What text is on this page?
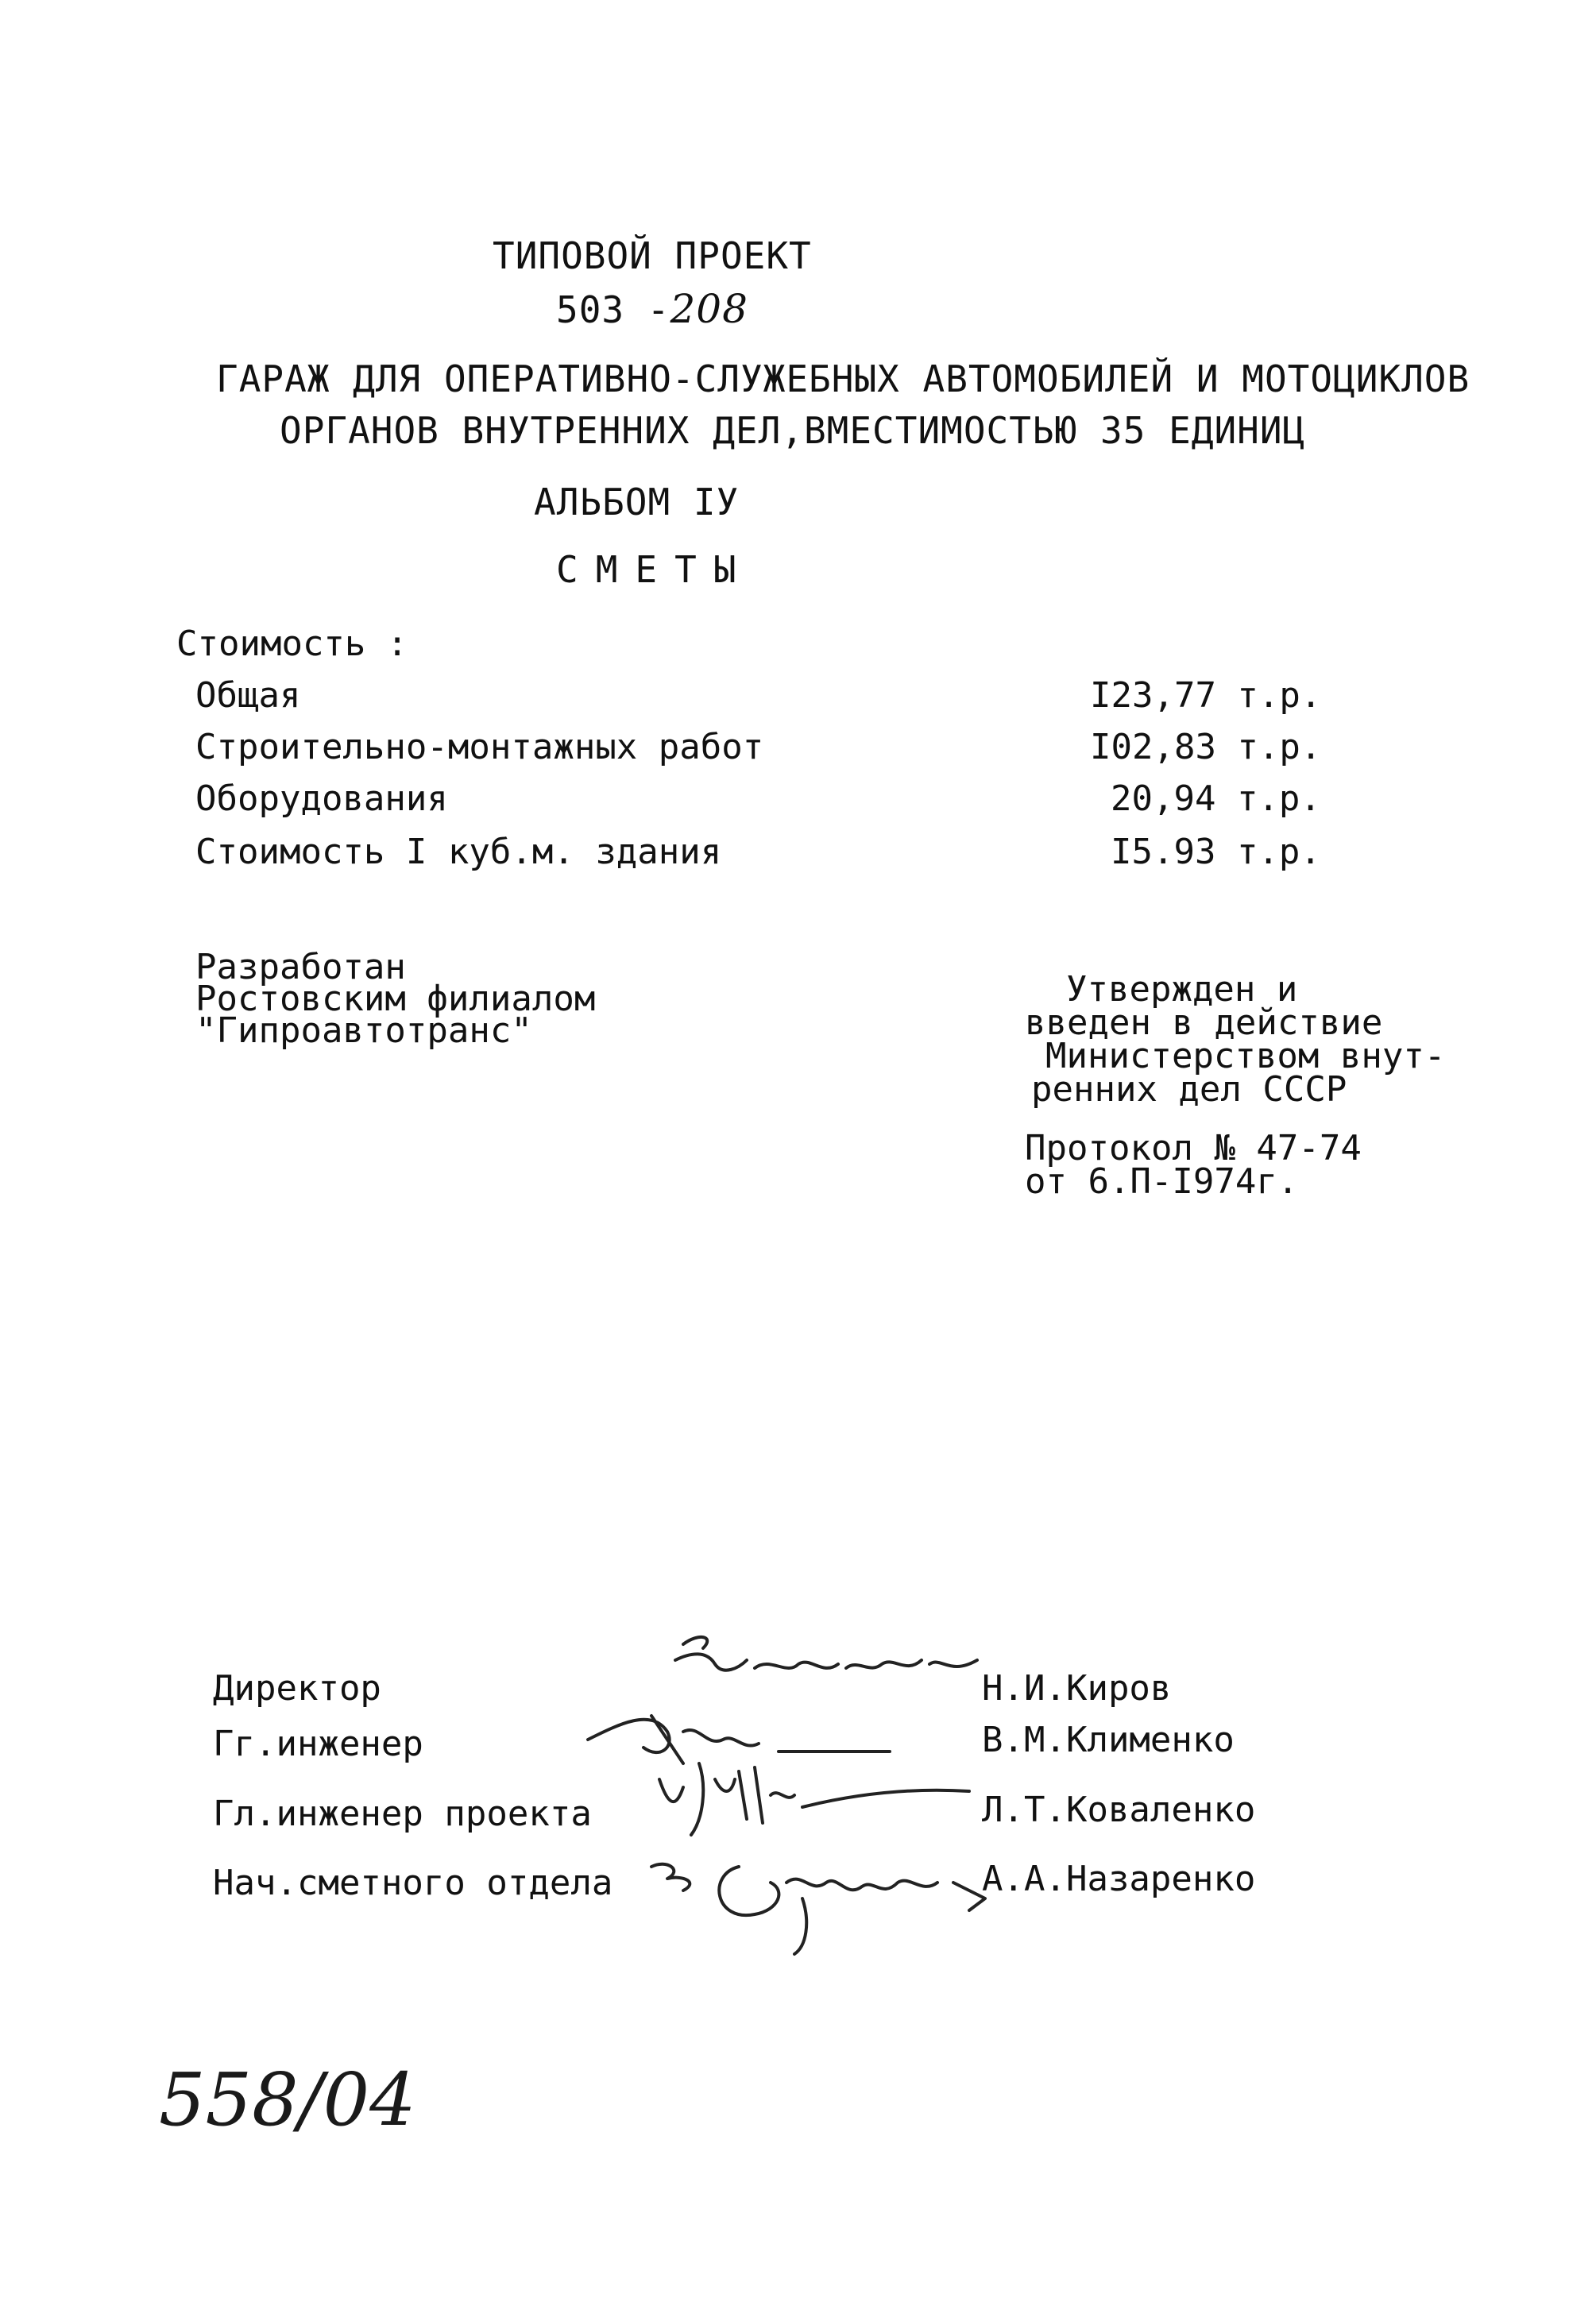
ТИПОВОЙ ПРОЕКТ
503 -208
ГАРАЖ ДЛЯ ОПЕРАТИВНО-СЛУЖЕБНЫХ АВТОМОБИЛЕЙ И МОТОЦИКЛОВ
ОРГАНОВ ВНУТРЕННИХ ДЕЛ,ВМЕСТИМОСТЬЮ 35 ЕДИНИЦ
АЛЬБОМ IУ
СМЕТЫ
Стоимость :
Общая	I23,77 т.р.
Строительно-монтажных работ	I02,83 т.р.
Оборудования	20,94 т.р.
Стоимость I куб.м. здания	I5.93 т.р.
Разработан
Ростовским филиалом
"Гипроавтотранс"
Утвержден и
введен в действие
Министерством внут-
ренних дел СССР
Протокол № 47-74
от 6.П-I974г.
Директор	Н.И.Киров
Гг.инженер	В.М.Клименко
Гл.инженер проекта	Л.Т.Коваленко
Нач.сметного отдела	А.А.Назаренко
558/04
